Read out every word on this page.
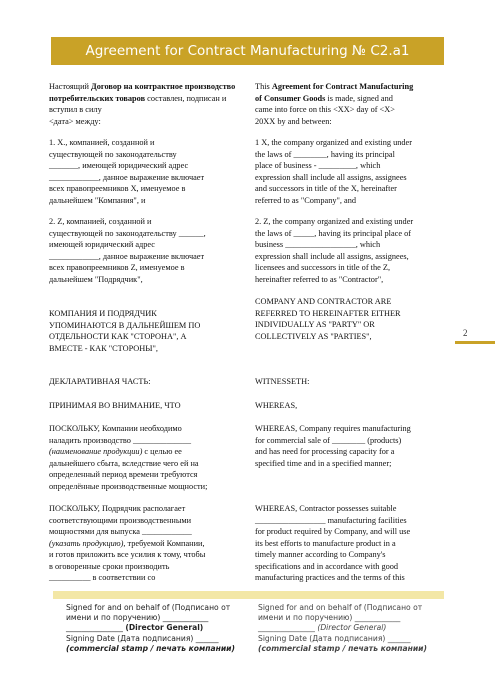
Agreement for Contract Manufacturing № C2.a1

Настоящий Договор на контрактное производство потребительских товаров составлен, подписан и вступил в силу
<дата> между:

1. X., компанией, созданной и
существующей по законодательству
_______, имеющей юридический адрес
____________, данное выражение включает
всех правопреемников X, именуемое в
дальнейшем "Компания", и

2. Z, компанией, созданной и
существующей по законодательству ______,
имеющей юридический адрес
____________, данное выражение включает
всех правопреемников Z, именуемое в
дальнейшем "Подрядчик",

КОМПАНИЯ И ПОДРЯДЧИК
УПОМИНАЮТСЯ В ДАЛЬНЕЙШЕМ ПО
ОТДЕЛЬНОСТИ КАК "СТОРОНА", А
ВМЕСТЕ - КАК "СТОРОНЫ",

ДЕКЛАРАТИВНАЯ ЧАСТЬ:

ПРИНИМАЯ ВО ВНИМАНИЕ, ЧТО

ПОСКОЛЬКУ, Компании необходимо
наладить производство ______________
(наименование продукции) с целью ее
дальнейшего сбыта, вследствие чего ей на
определенный период времени требуются
определённые производственные мощности;

ПОСКОЛЬКУ, Подрядчик располагает
соответствующими производственными
мощностями для выпуска ____________
(указать продукцию), требуемой Компании,
и готов приложить все усилия к тому, чтобы
в оговоренные сроки производить
__________ в соответствии со

This Agreement for Contract Manufacturing
of Consumer Goods is made, signed and
came into force on this <XX> day of <X>
20XX by and between:

1 X, the company organized and existing under
the laws of ________, having its principal
place of business - _________, which
expression shall include all assigns, assignees
and successors in title of the X, hereinafter
referred to as "Company", and

2. Z, the company organized and existing under
the laws of _____, having its principal place of
business _________________, which
expression shall include all assigns, assignees,
licensees and successors in title of the Z,
hereinafter referred to as "Contractor",

COMPANY AND CONTRACTOR ARE
REFERRED TO HEREINAFTER EITHER
INDIVIDUALLY AS "PARTY" OR
COLLECTIVELY AS "PARTIES",

WITNESSETH:

WHEREAS,

WHEREAS, Company requires manufacturing
for commercial sale of ________ (products)
and has need for processing capacity for a
specified time and in a specified manner;

WHEREAS, Contractor possesses suitable
_________________ manufacturing facilities
for product required by Company, and will use
its best efforts to manufacture product in a
timely manner according to Company's
specifications and in accordance with good
manufacturing practices and the terms of this

2
Signed for and on behalf of (Подписано от
имени и по поручению) ____________
_______________ (Director General)
Signing Date (Дата подписания) ______
(commercial stamp / печать компании)
Signed for and on behalf of (Подписано от
имени и по поручению) ____________
_______________ (Director General)
Signing Date (Дата подписания) ______
(commercial stamp / печать компании)
